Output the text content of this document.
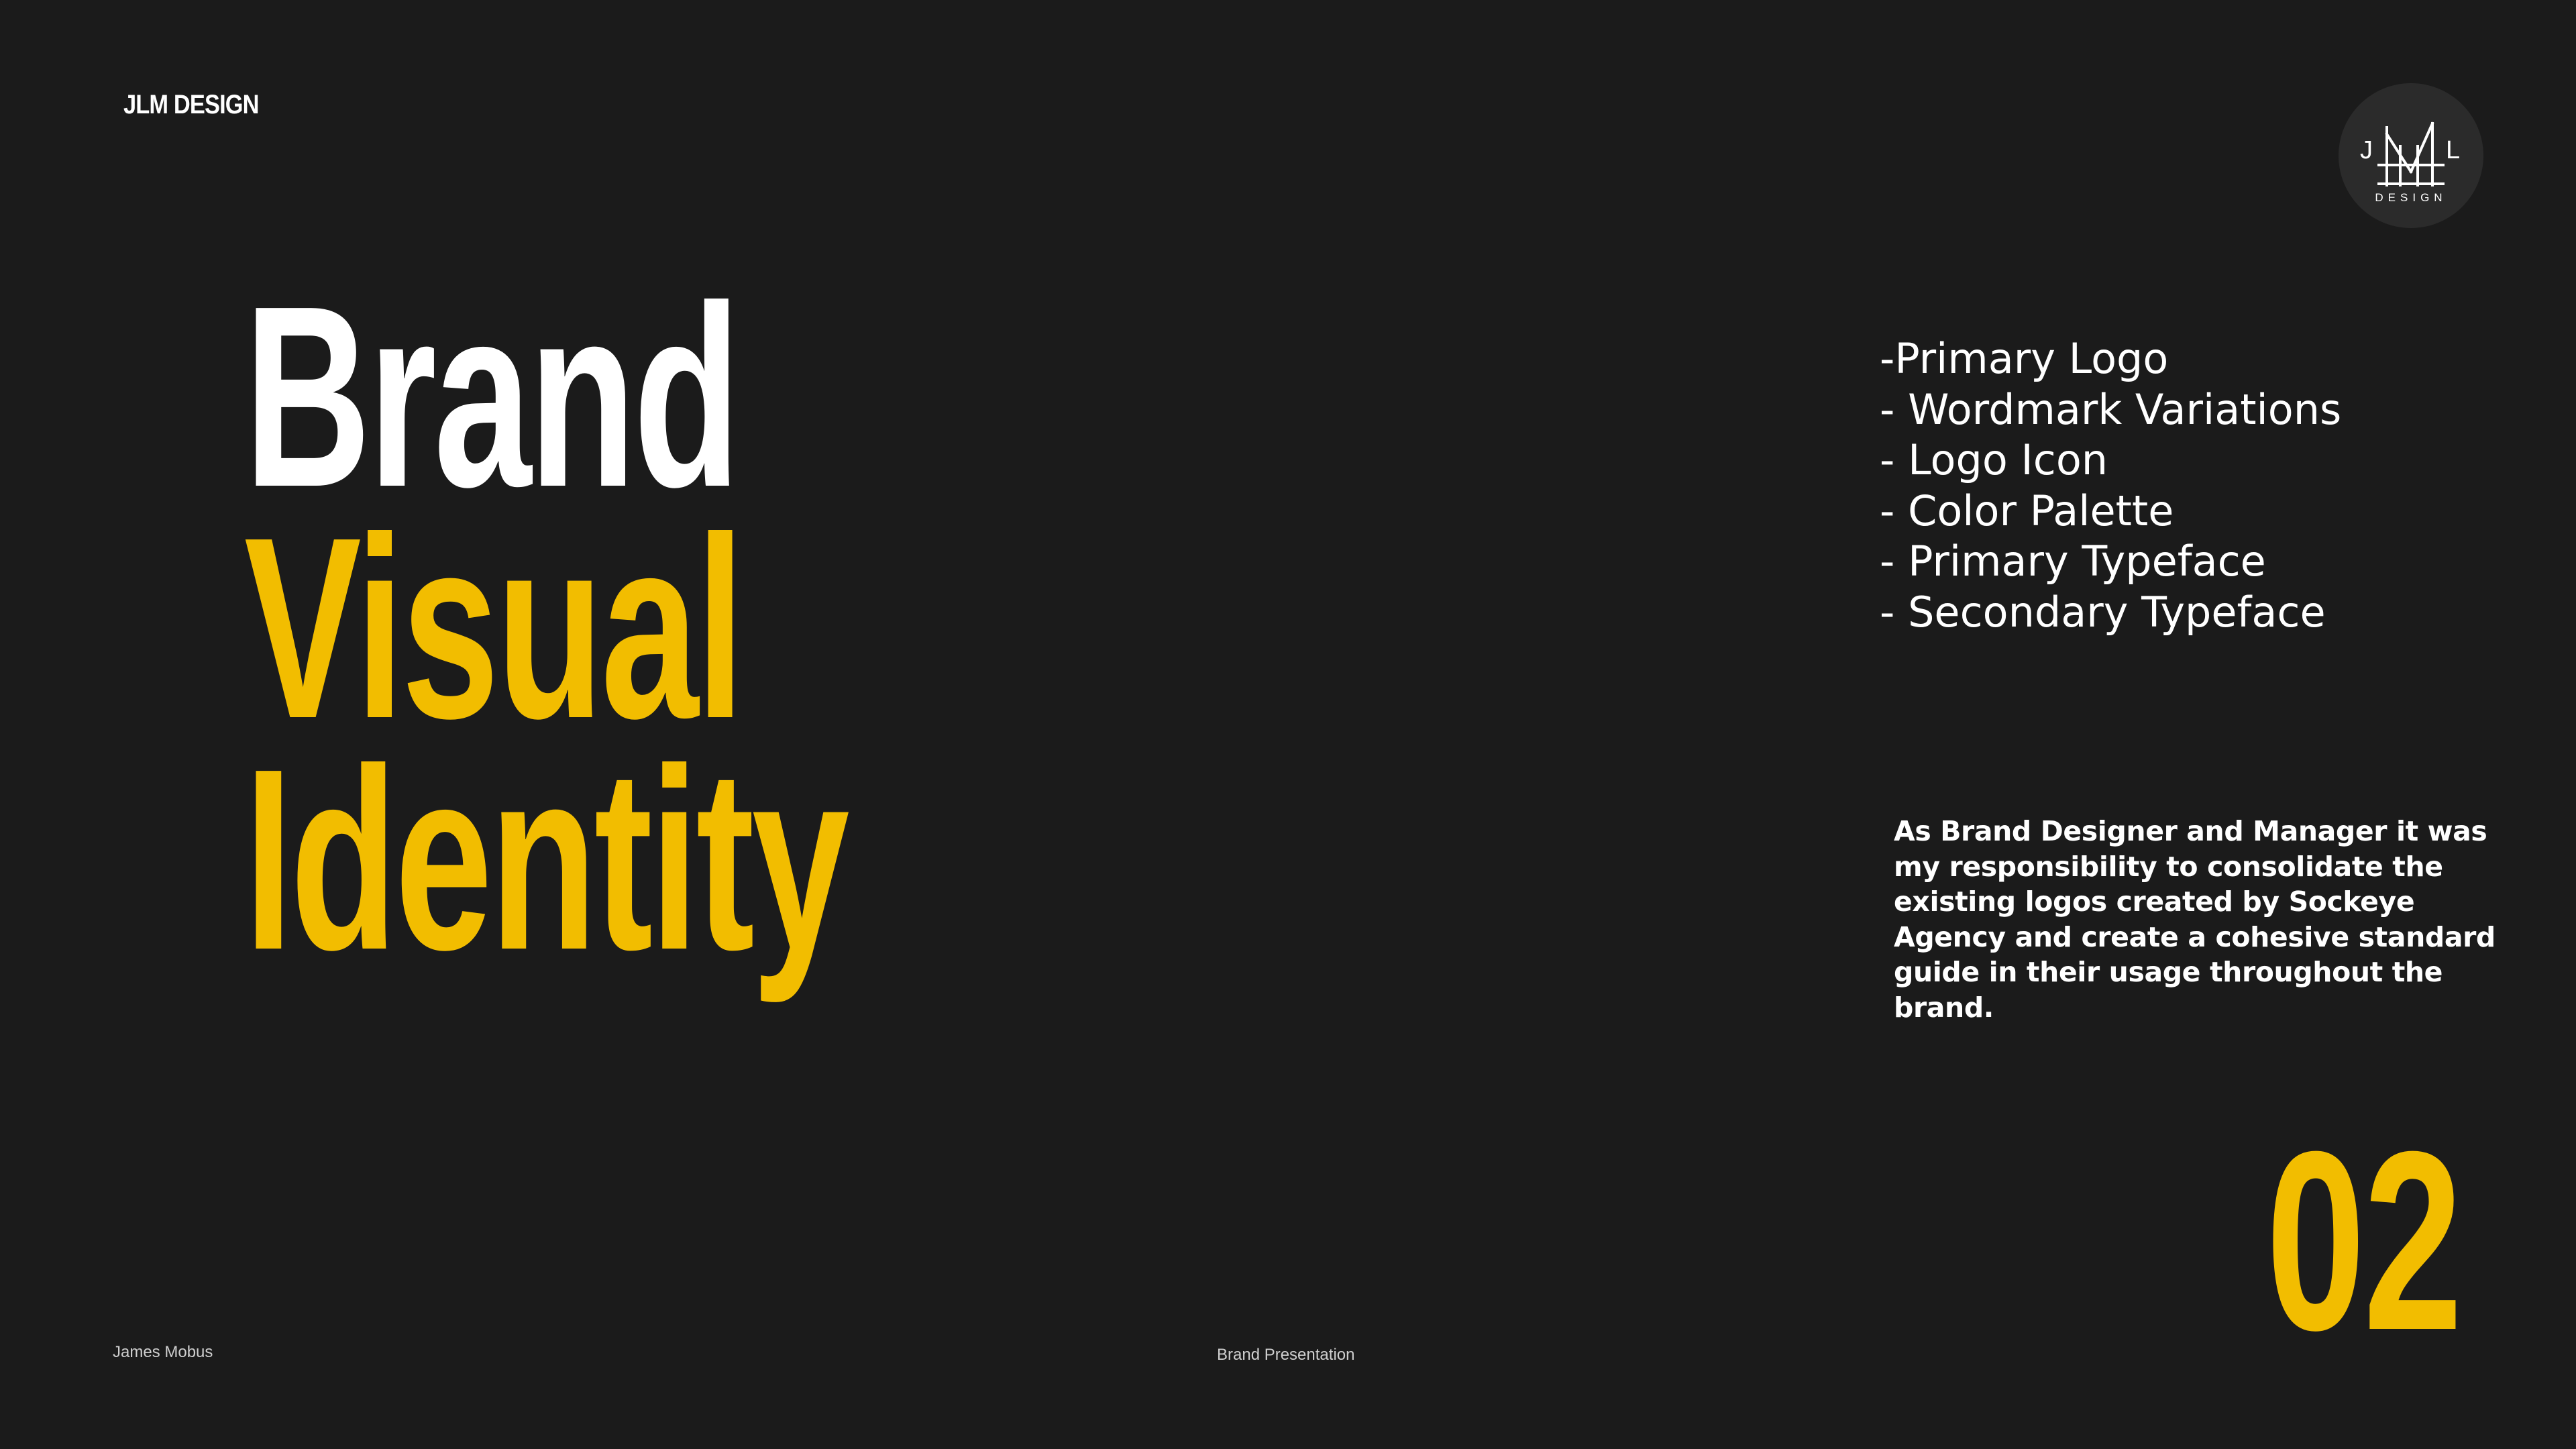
JLM DESIGN
J	L
DESIGN
Brand
Visual
Identity
-Primary Logo
- Wordmark Variations
- Logo Icon
- Color Palette
- Primary Typeface
- Secondary Typeface
As Brand Designer and Manager it was my responsibility to consolidate the existing logos created by Sockeye Agency and create a cohesive standard guide in their usage throughout the brand.
02
James Mobus	Brand Presentation
